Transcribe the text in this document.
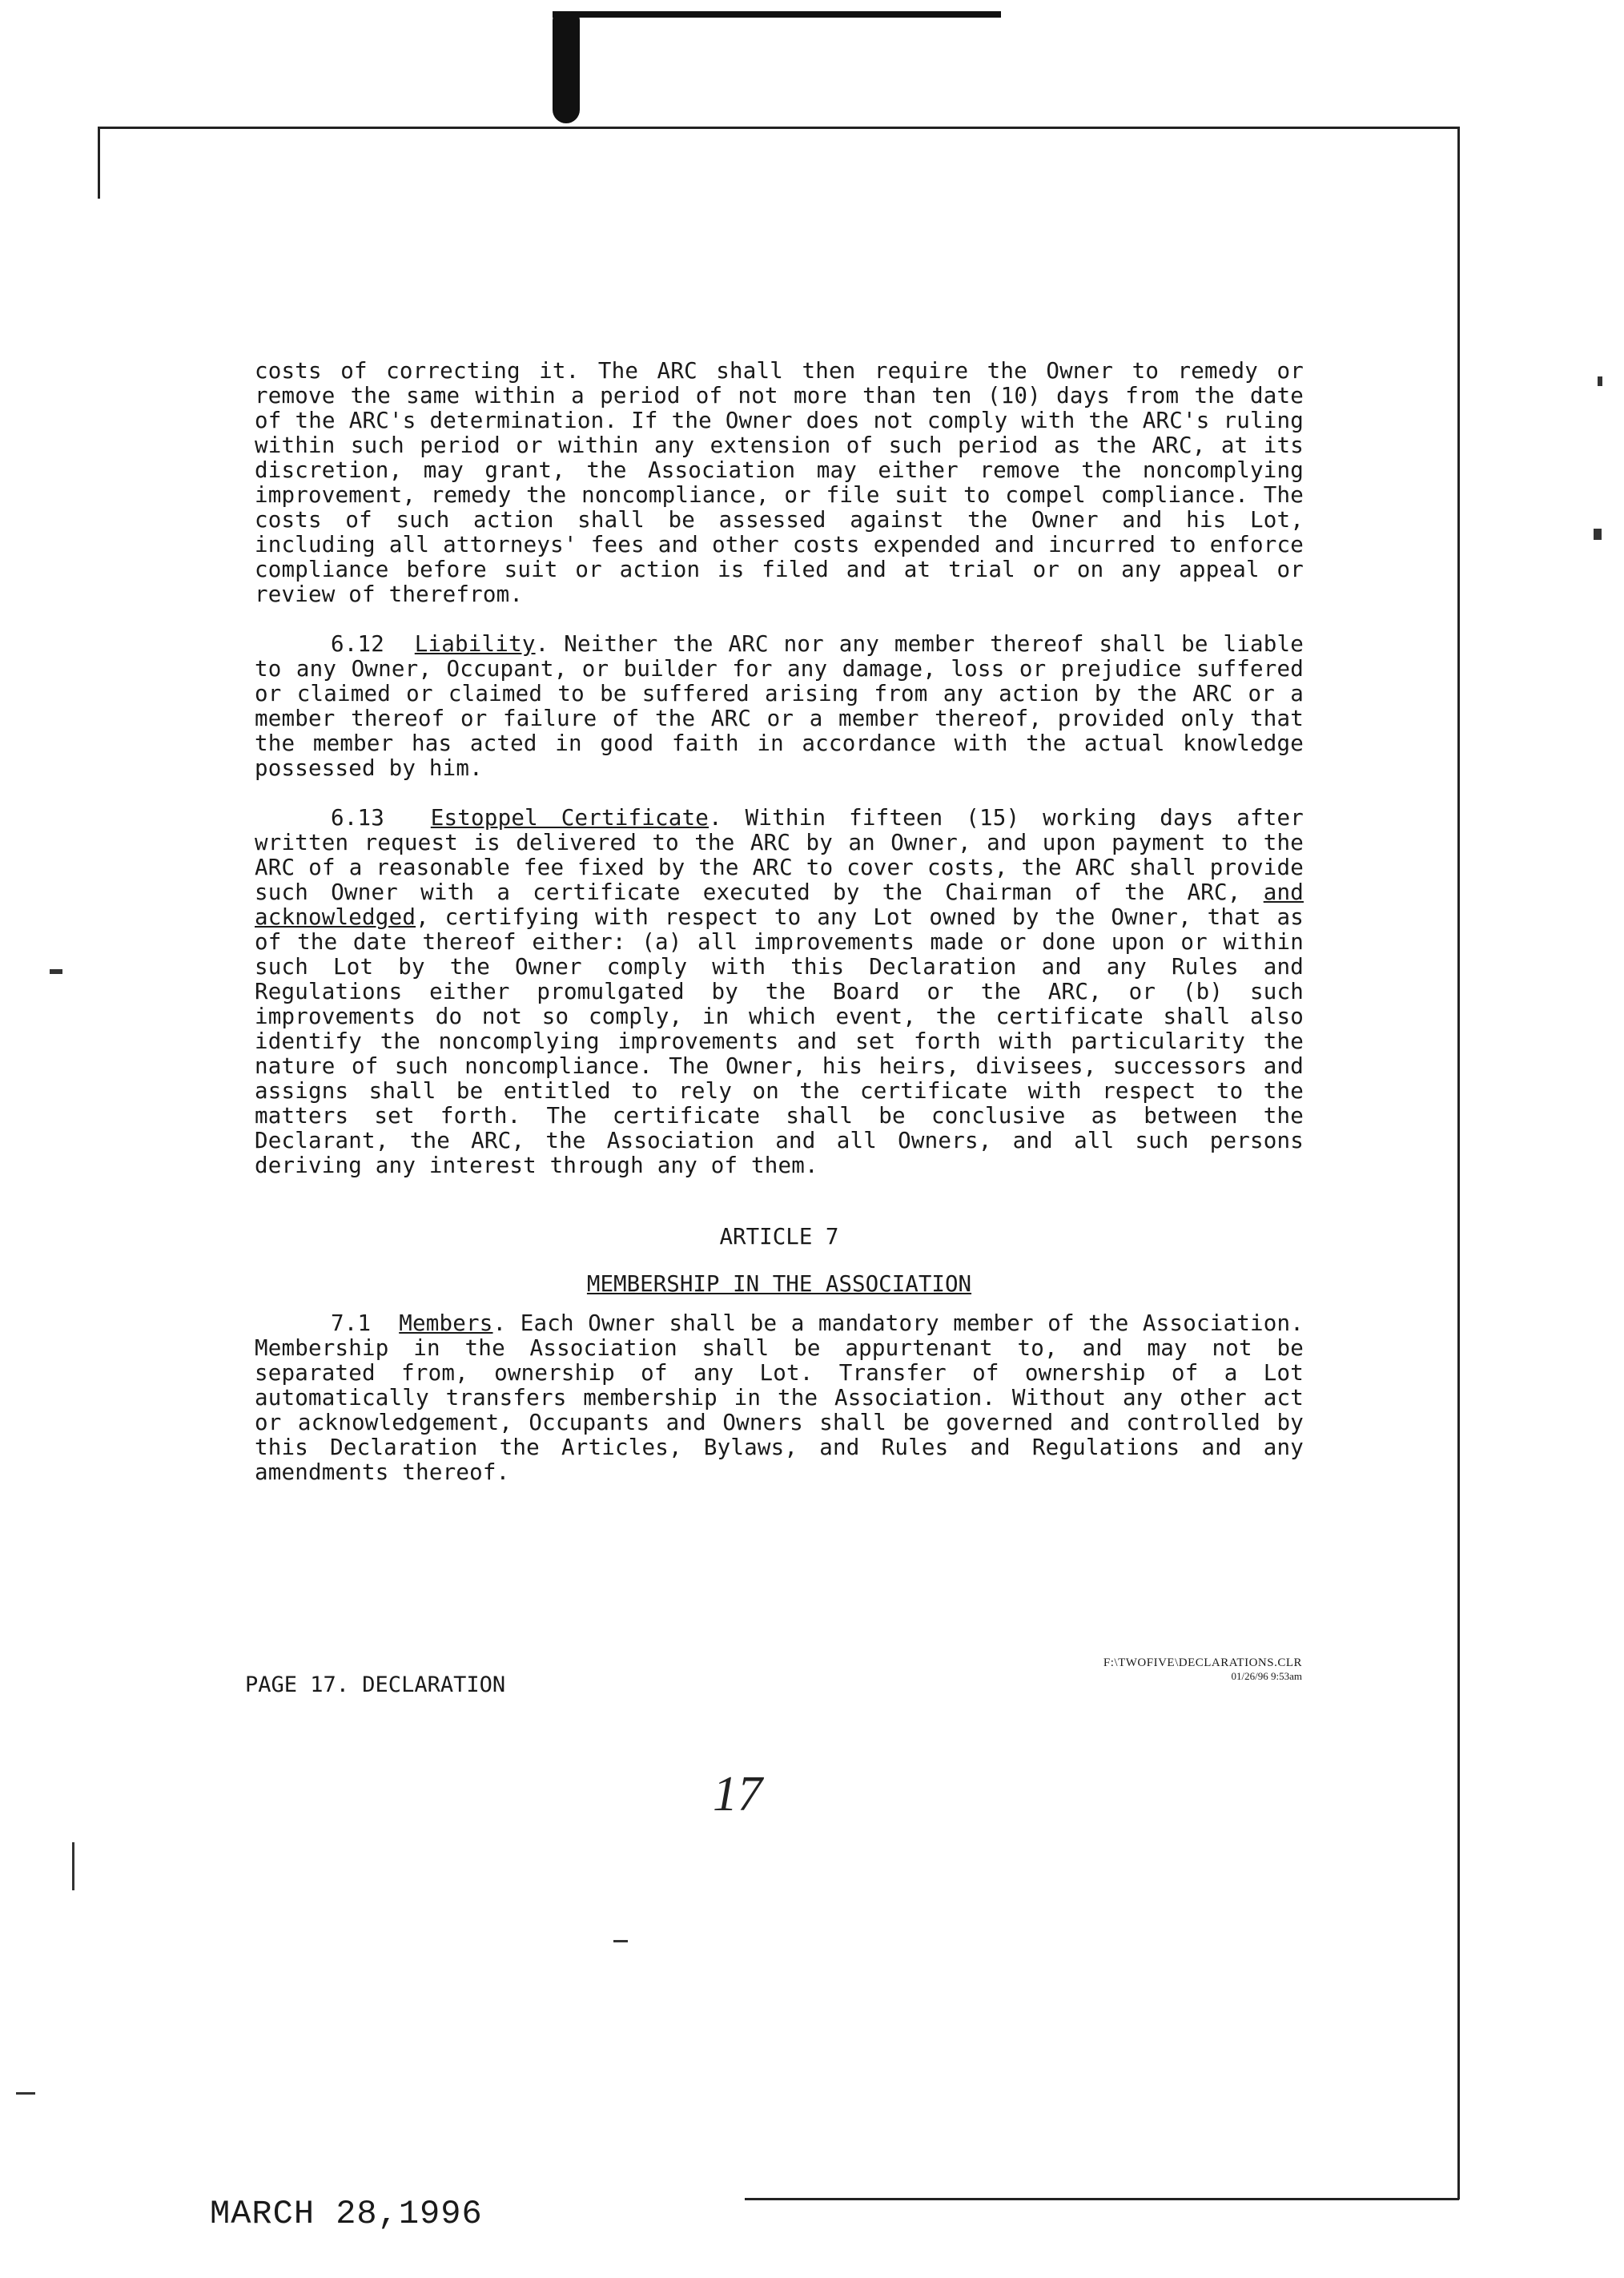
costs of correcting it. The ARC shall then require the Owner to remedy or remove the same within a period of not more than ten (10) days from the date of the ARC's determination. If the Owner does not comply with the ARC's ruling within such period or within any extension of such period as the ARC, at its discretion, may grant, the Association may either remove the noncomplying improvement, remedy the noncompliance, or file suit to compel compliance. The costs of such action shall be assessed against the Owner and his Lot, including all attorneys' fees and other costs expended and incurred to enforce compliance before suit or action is filed and at trial or on any appeal or review of therefrom.

6.12 Liability. Neither the ARC nor any member thereof shall be liable to any Owner, Occupant, or builder for any damage, loss or prejudice suffered or claimed or claimed to be suffered arising from any action by the ARC or a member thereof or failure of the ARC or a member thereof, provided only that the member has acted in good faith in accordance with the actual knowledge possessed by him.

6.13 Estoppel Certificate. Within fifteen (15) working days after written request is delivered to the ARC by an Owner, and upon payment to the ARC of a reasonable fee fixed by the ARC to cover costs, the ARC shall provide such Owner with a certificate executed by the Chairman of the ARC, and acknowledged, certifying with respect to any Lot owned by the Owner, that as of the date thereof either: (a) all improvements made or done upon or within such Lot by the Owner comply with this Declaration and any Rules and Regulations either promulgated by the Board or the ARC, or (b) such improvements do not so comply, in which event, the certificate shall also identify the noncomplying improvements and set forth with particularity the nature of such noncompliance. The Owner, his heirs, divisees, successors and assigns shall be entitled to rely on the certificate with respect to the matters set forth. The certificate shall be conclusive as between the Declarant, the ARC, the Association and all Owners, and all such persons deriving any interest through any of them.

ARTICLE 7
MEMBERSHIP IN THE ASSOCIATION

7.1 Members. Each Owner shall be a mandatory member of the Association. Membership in the Association shall be appurtenant to, and may not be separated from, ownership of any Lot. Transfer of ownership of a Lot automatically transfers membership in the Association. Without any other act or acknowledgement, Occupants and Owners shall be governed and controlled by this Declaration the Articles, Bylaws, and Rules and Regulations and any amendments thereof.

PAGE 17. DECLARATION
F:\TWOFIVE\DECLARATIONS.CLR
01/26/96 9:53am
17
MARCH 28,1996
